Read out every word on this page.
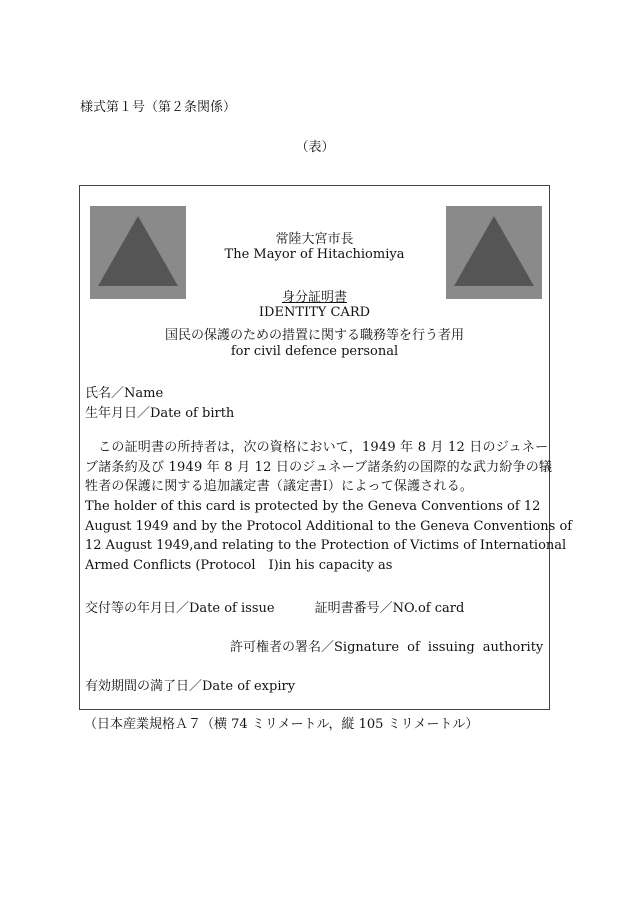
様式第１号（第２条関係）
（表）
常陸大宮市長
The Mayor of Hitachiomiya
身分証明書
IDENTITY CARD
国民の保護のための措置に関する職務等を行う者用
for civil defence personal
氏名／Name
生年月日／Date of birth
　この証明書の所持者は，次の資格において，1949 年 8 月 12 日のジュネー
ブ諸条約及び 1949 年 8 月 12 日のジュネーブ諸条約の国際的な武力紛争の犠
牲者の保護に関する追加議定書（議定書Ⅰ）によって保護される。
The holder of this card is protected by the Geneva Conventions of 12
August 1949 and by the Protocol Additional to the Geneva Conventions of
12 August 1949,and relating to the Protection of Victims of International
Armed Conflicts (Protocol　Ⅰ)in his capacity as
交付等の年月日／Date of issue	証明書番号／NO.of card
許可権者の署名／Signature of issuing authority
有効期間の満了日／Date of expiry
（日本産業規格Ａ７（横 74 ミリメートル，縦 105 ミリメートル）
